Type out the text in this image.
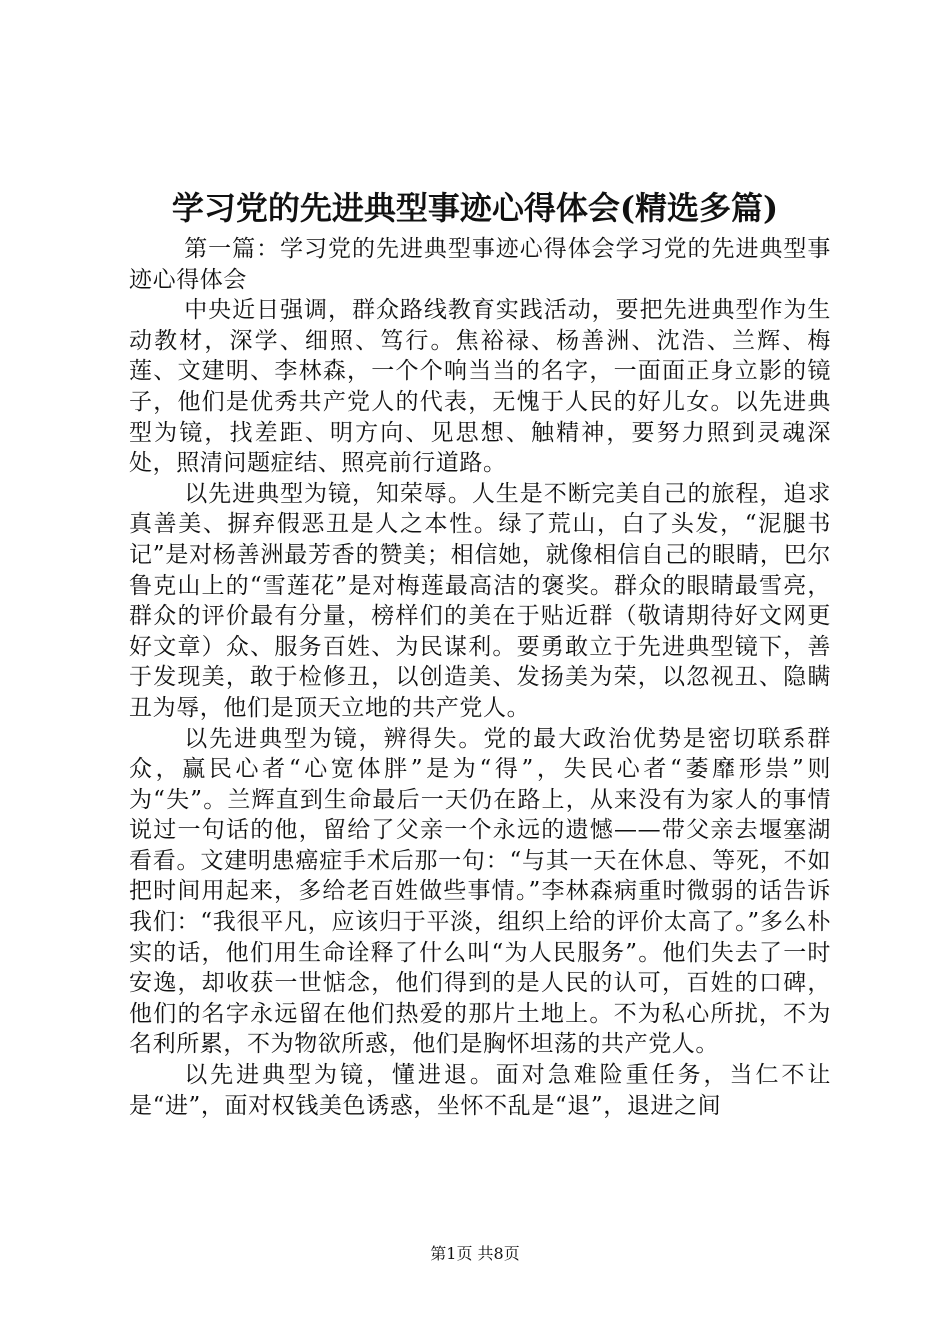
学习党的先进典型事迹心得体会(精选多篇)

第一篇：学习党的先进典型事迹心得体会学习党的先进典型事迹心得体会

中央近日强调，群众路线教育实践活动，要把先进典型作为生动教材，深学、细照、笃行。焦裕禄、杨善洲、沈浩、兰辉、梅莲、文建明、李林森，一个个响当当的名字，一面面正身立影的镜子，他们是优秀共产党人的代表，无愧于人民的好儿女。以先进典型为镜，找差距、明方向、见思想、触精神，要努力照到灵魂深处，照清问题症结、照亮前行道路。

以先进典型为镜，知荣辱。人生是不断完美自己的旅程，追求真善美、摒弃假恶丑是人之本性。绿了荒山，白了头发，“泥腿书记”是对杨善洲最芳香的赞美；相信她，就像相信自己的眼睛，巴尔鲁克山上的“雪莲花”是对梅莲最高洁的褒奖。群众的眼睛最雪亮，群众的评价最有分量，榜样们的美在于贴近群（敬请期待好文网更好文章）众、服务百姓、为民谋利。要勇敢立于先进典型镜下，善于发现美，敢于检修丑，以创造美、发扬美为荣，以忽视丑、隐瞒丑为辱，他们是顶天立地的共产党人。

以先进典型为镜，辨得失。党的最大政治优势是密切联系群众，赢民心者“心宽体胖”是为“得”，失民心者“萎靡形祟”则为“失”。兰辉直到生命最后一天仍在路上，从来没有为家人的事情说过一句话的他，留给了父亲一个永远的遗憾——带父亲去堰塞湖看看。文建明患癌症手术后那一句：“与其一天在休息、等死，不如把时间用起来，多给老百姓做些事情。”李林森病重时微弱的话告诉我们：“我很平凡，应该归于平淡，组织上给的评价太高了。”多么朴实的话，他们用生命诠释了什么叫“为人民服务”。他们失去了一时安逸，却收获一世惦念，他们得到的是人民的认可，百姓的口碑，他们的名字永远留在他们热爱的那片土地上。不为私心所扰，不为名利所累，不为物欲所惑，他们是胸怀坦荡的共产党人。

以先进典型为镜，懂进退。面对急难险重任务，当仁不让是“进”，面对权钱美色诱惑，坐怀不乱是“退”，退进之间

第1页 共8页
